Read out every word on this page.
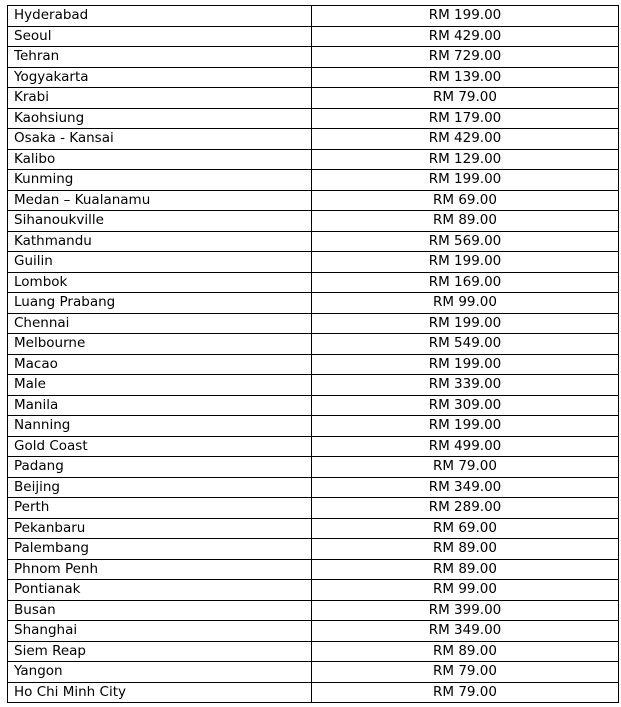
Hyderabad	RM 199.00
Seoul	RM 429.00
Tehran	RM 729.00
Yogyakarta	RM 139.00
Krabi	RM 79.00
Kaohsiung	RM 179.00
Osaka - Kansai	RM 429.00
Kalibo	RM 129.00
Kunming	RM 199.00
Medan – Kualanamu	RM 69.00
Sihanoukville	RM 89.00
Kathmandu	RM 569.00
Guilin	RM 199.00
Lombok	RM 169.00
Luang Prabang	RM 99.00
Chennai	RM 199.00
Melbourne	RM 549.00
Macao	RM 199.00
Male	RM 339.00
Manila	RM 309.00
Nanning	RM 199.00
Gold Coast	RM 499.00
Padang	RM 79.00
Beijing	RM 349.00
Perth	RM 289.00
Pekanbaru	RM 69.00
Palembang	RM 89.00
Phnom Penh	RM 89.00
Pontianak	RM 99.00
Busan	RM 399.00
Shanghai	RM 349.00
Siem Reap	RM 89.00
Yangon	RM 79.00
Ho Chi Minh City	RM 79.00
